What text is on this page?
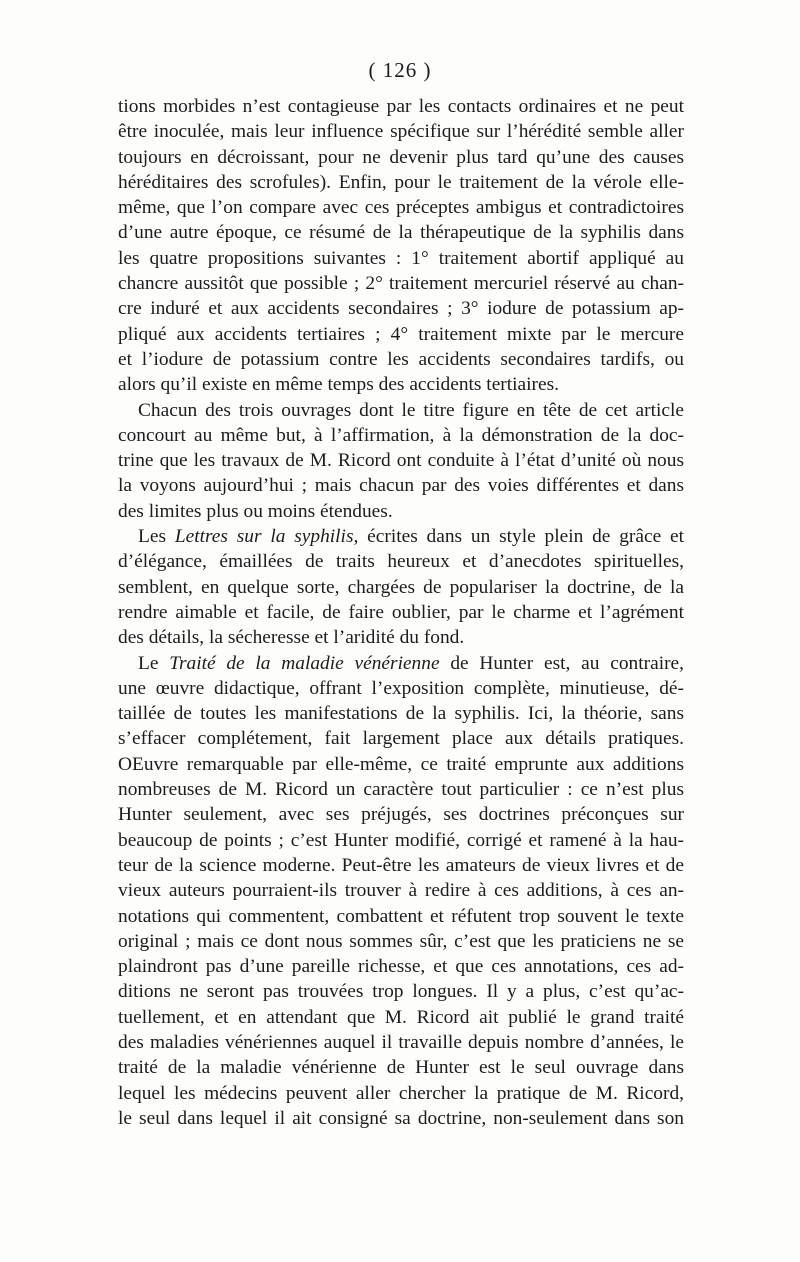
( 126 )
tions morbides n’est contagieuse par les contacts ordinaires et ne peut
être inoculée, mais leur influence spécifique sur l’hérédité semble aller
toujours en décroissant, pour ne devenir plus tard qu’une des causes
héréditaires des scrofules). Enfin, pour le traitement de la vérole elle-
même, que l’on compare avec ces préceptes ambigus et contradictoires
d’une autre époque, ce résumé de la thérapeutique de la syphilis dans
les quatre propositions suivantes : 1° traitement abortif appliqué au
chancre aussitôt que possible ; 2° traitement mercuriel réservé au chan-
cre induré et aux accidents secondaires ; 3° iodure de potassium ap-
pliqué aux accidents tertiaires ; 4° traitement mixte par le mercure
et l’iodure de potassium contre les accidents secondaires tardifs, ou
alors qu’il existe en même temps des accidents tertiaires.
Chacun des trois ouvrages dont le titre figure en tête de cet article
concourt au même but, à l’affirmation, à la démonstration de la doc-
trine que les travaux de M. Ricord ont conduite à l’état d’unité où nous
la voyons aujourd’hui ; mais chacun par des voies différentes et dans
des limites plus ou moins étendues.
Les Lettres sur la syphilis, écrites dans un style plein de grâce et
d’élégance, émaillées de traits heureux et d’anecdotes spirituelles,
semblent, en quelque sorte, chargées de populariser la doctrine, de la
rendre aimable et facile, de faire oublier, par le charme et l’agrément
des détails, la sécheresse et l’aridité du fond.
Le Traité de la maladie vénérienne de Hunter est, au contraire,
une œuvre didactique, offrant l’exposition complète, minutieuse, dé-
taillée de toutes les manifestations de la syphilis. Ici, la théorie, sans
s’effacer complétement, fait largement place aux détails pratiques.
OEuvre remarquable par elle-même, ce traité emprunte aux additions
nombreuses de M. Ricord un caractère tout particulier : ce n’est plus
Hunter seulement, avec ses préjugés, ses doctrines préconçues sur
beaucoup de points ; c’est Hunter modifié, corrigé et ramené à la hau-
teur de la science moderne. Peut-être les amateurs de vieux livres et de
vieux auteurs pourraient-ils trouver à redire à ces additions, à ces an-
notations qui commentent, combattent et réfutent trop souvent le texte
original ; mais ce dont nous sommes sûr, c’est que les praticiens ne se
plaindront pas d’une pareille richesse, et que ces annotations, ces ad-
ditions ne seront pas trouvées trop longues. Il y a plus, c’est qu’ac-
tuellement, et en attendant que M. Ricord ait publié le grand traité
des maladies vénériennes auquel il travaille depuis nombre d’années, le
traité de la maladie vénérienne de Hunter est le seul ouvrage dans
lequel les médecins peuvent aller chercher la pratique de M. Ricord,
le seul dans lequel il ait consigné sa doctrine, non-seulement dans son
